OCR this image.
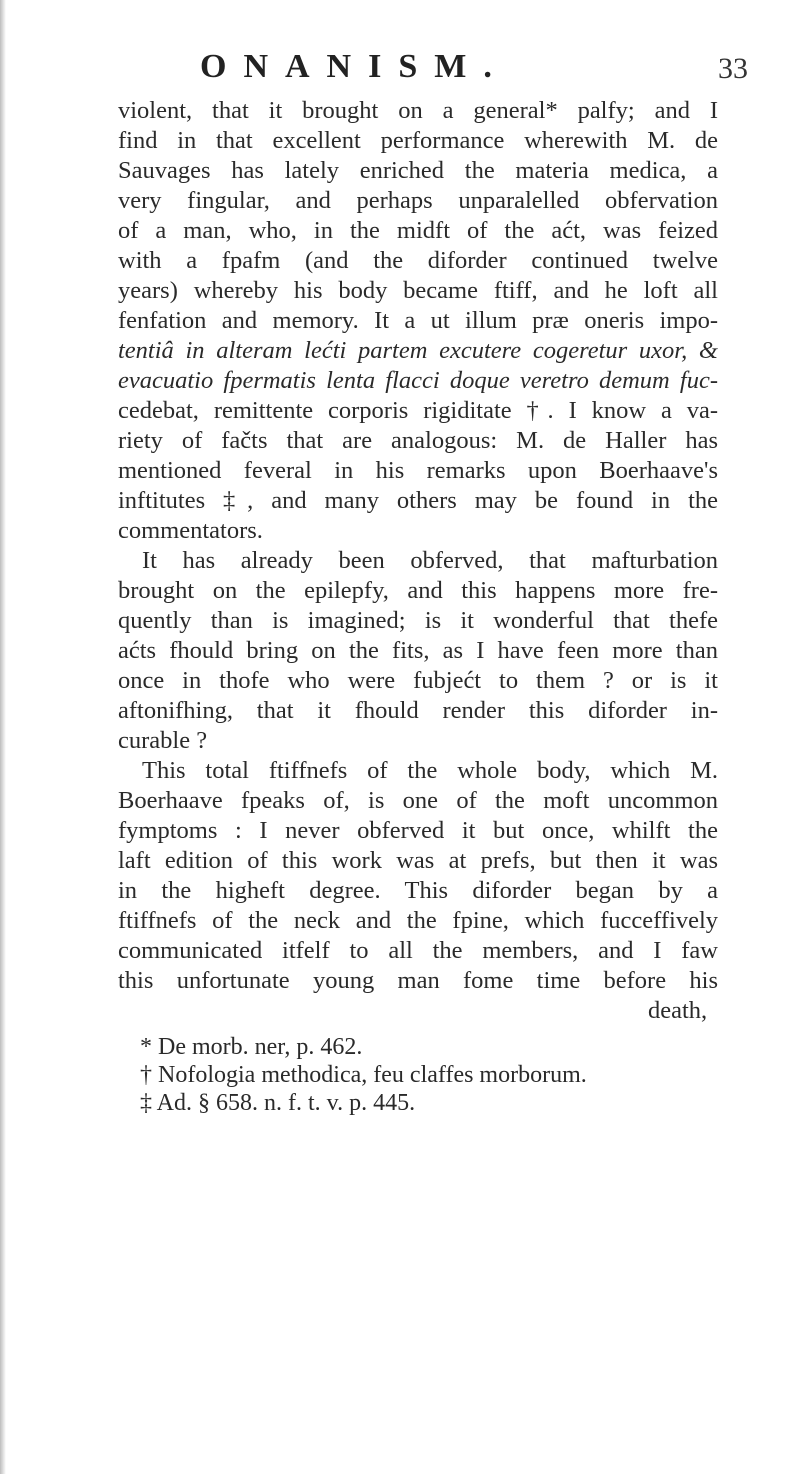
ONANISM.	33
violent, that it brought on a general* palfy; and I
find in that excellent performance wherewith M. de
Sauvages has lately enriched the materia medica, a
very fingular, and perhaps unparalelled obfervation
of a man, who, in the midft of the aćt, was feized
with a fpafm (and the diforder continued twelve
years) whereby his body became ftiff, and he loft all
fenfation and memory. It a ut illum præ oneris impo-
tentiâ in alteram lećti partem excutere cogeretur uxor, &
evacuatio fpermatis lenta flacci doque veretro demum fuc-
cedebat, remittente corporis rigiditate †. I know a va-
riety of fačts that are analogous: M. de Haller has
mentioned feveral in his remarks upon Boerhaave's
inftitutes ‡, and many others may be found in the
commentators.
It has already been obferved, that mafturbation
brought on the epilepfy, and this happens more fre-
quently than is imagined; is it wonderful that thefe
aćts fhould bring on the fits, as I have feen more than
once in thofe who were fubjećt to them ? or is it
aftonifhing, that it fhould render this diforder in-
curable ?
This total ftiffnefs of the whole body, which M.
Boerhaave fpeaks of, is one of the moft uncommon
fymptoms : I never obferved it but once, whilft the
laft edition of this work was at prefs, but then it was
in the higheft degree. This diforder began by a
ftiffnefs of the neck and the fpine, which fucceffively
communicated itfelf to all the members, and I faw
this unfortunate young man fome time before his
death,
* De morb. ner, p. 462.
† Nofologia methodica, feu claffes morborum.
‡ Ad. § 658. n. f. t. v. p. 445.
